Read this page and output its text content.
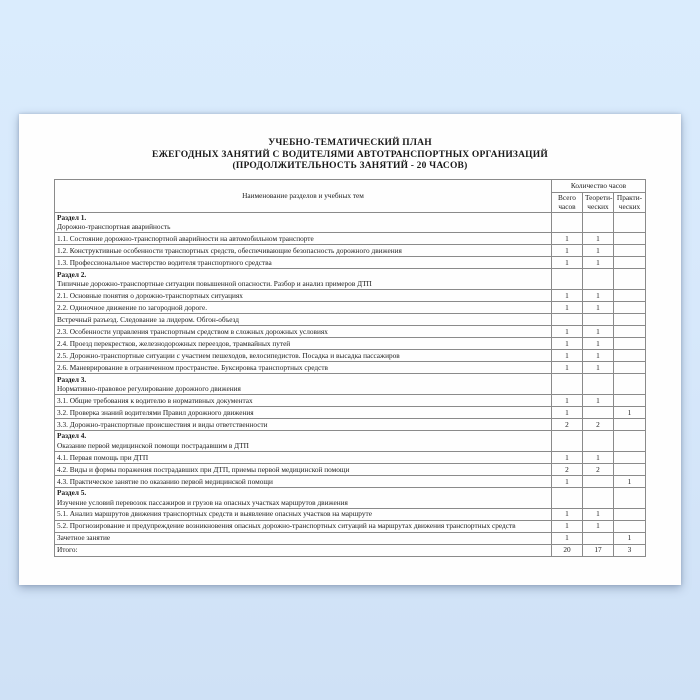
УЧЕБНО-ТЕМАТИЧЕСКИЙ ПЛАН
ЕЖЕГОДНЫХ ЗАНЯТИЙ С ВОДИТЕЛЯМИ АВТОТРАНСПОРТНЫХ ОРГАНИЗАЦИЙ
(ПРОДОЛЖИТЕЛЬНОСТЬ ЗАНЯТИЙ - 20 ЧАСОВ)
Наименование разделов и учебных тем	Количество часов		
	Всего часов	Теорети-ческих	Практи-ческих

Раздел 1.
Дорожно-транспортная аварийность			

1.1. Состояние дорожно-транспортной аварийности на автомобильном транспорте	1	1	
1.2. Конструктивные особенности транспортных средств, обеспечивающие безопасность дорожного движения	1	1	
1.3. Профессиональное мастерство водителя транспортного средства	1	1	

Раздел 2.
Типичные дорожно-транспортные ситуации повышенной опасности. Разбор и анализ примеров ДТП			

2.1. Основные понятия о дорожно-транспортных ситуациях	1	1	
2.2. Одиночное движение по загородной дороге.	1	1	
Встречный разъезд. Следование за лидером. Обгон-объезд			
2.3. Особенности управления транспортным средством в сложных дорожных условиях	1	1	
2.4. Проезд перекрестков, железнодорожных переездов, трамвайных путей	1	1	
2.5. Дорожно-транспортные ситуации с участием пешеходов, велосипедистов. Посадка и высадка пассажиров	1	1	
2.6. Маневрирование в ограниченном пространстве. Буксировка транспортных средств	1	1	

Раздел 3.
Нормативно-правовое регулирование дорожного движения			

3.1. Общие требования к водителю в нормативных документах	1	1	
3.2. Проверка знаний водителями Правил дорожного движения	1		1
3.3. Дорожно-транспортные происшествия и виды ответственности	2	2	

Раздел 4.
Оказание первой медицинской помощи пострадавшим в ДТП			

4.1. Первая помощь при ДТП	1	1	
4.2. Виды и формы поражения пострадавших при ДТП, приемы первой медицинской помощи	2	2	
4.3. Практическое занятие по оказанию первой медицинской помощи	1		1

Раздел 5.
Изучение условий перевозок пассажиров и грузов на опасных участках маршрутов движения			

5.1. Анализ маршрутов движения транспортных средств и выявление опасных участков на маршруте	1	1	
5.2. Прогнозирование и предупреждение возникновения опасных дорожно-транспортных ситуаций на маршрутах движения транспортных средств	1	1	
Зачетное занятие	1		1
Итого:	20	17	3
